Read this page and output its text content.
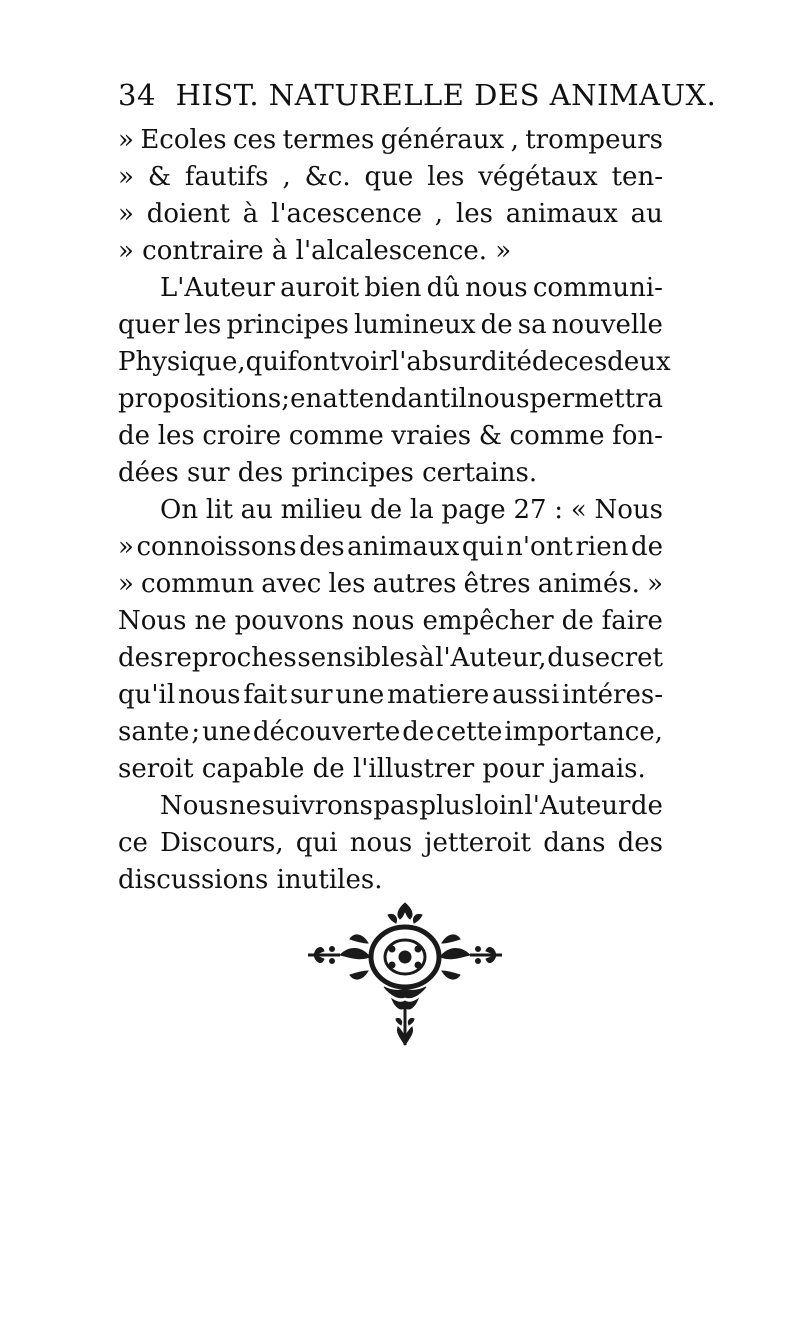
34 HIST. NATURELLE DES ANIMAUX.
» Ecoles ces termes généraux , trompeurs
» & fautifs , &c. que les végétaux ten-
» doient à l'acescence , les animaux au
» contraire à l'alcalescence. »
L'Auteur auroit bien dû nous communi-
quer les principes lumineux de sa nouvelle
Physique,qui font voir l'absurdité de ces deux
propositions ; en attendant il nous permettra
de les croire comme vraies & comme fon-
dées sur des principes certains.
On lit au milieu de la page 27 : « Nous
» connoissons des animaux qui n'ont rien de
» commun avec les autres êtres animés. »
Nous ne pouvons nous empêcher de faire
des reproches sensibles à l'Auteur, du secret
qu'il nous fait sur une matiere aussi intéres-
sante ; une découverte de cette importance,
seroit capable de l'illustrer pour jamais.
Nous ne suivrons pas plus loin l'Auteur de
ce Discours, qui nous jetteroit dans des
discussions inutiles.
